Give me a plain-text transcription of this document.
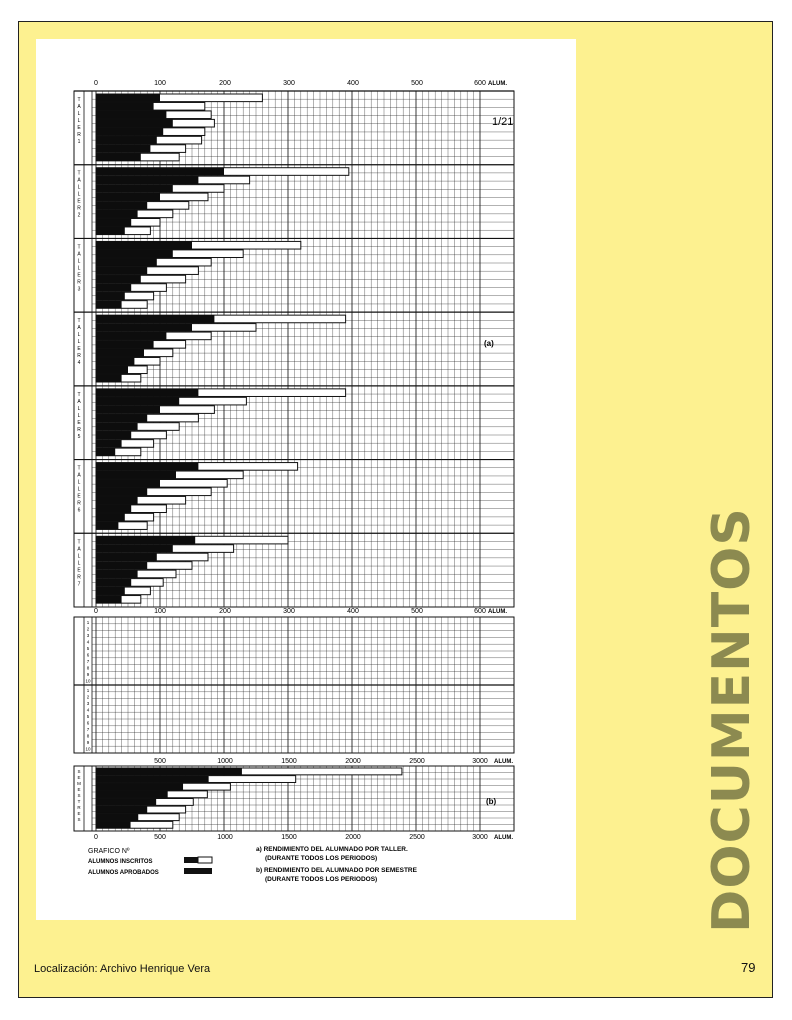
T
A
L
L
E
R
1
T
A
L
L
E
R
2
T
A
L
L
E
R
3
T
A
L
L
E
R
4
T
A
L
L
E
R
5
T
A
L
L
E
R
6
T
A
L
L
E
R
7
1
1
2
2
3
3
4
4
5
5
6
6
7
7
8
8
9
9
10
10
S
E
M
E
S
T
R
E
S
0	100	200	300	400	500	600 ALUM.
0	100	200	300	400	500	600 ALUM.
500	1000	1500	2000	2500	3000 ALUM.
0	500	1000	1500	2000	2500	3000 ALUM.
1/21
(a)
(b)
GRAFICO Nº
ALUMNOS INSCRITOS
ALUMNOS APROBADOS
a) RENDIMIENTO DEL ALUMNADO POR TALLER.
(DURANTE TODOS LOS PERIODOS)
b) RENDIMIENTO DEL ALUMNADO POR SEMESTRE
(DURANTE TODOS LOS PERIODOS)	DOCUMENTOS
Localización: Archivo Henrique Vera	79
